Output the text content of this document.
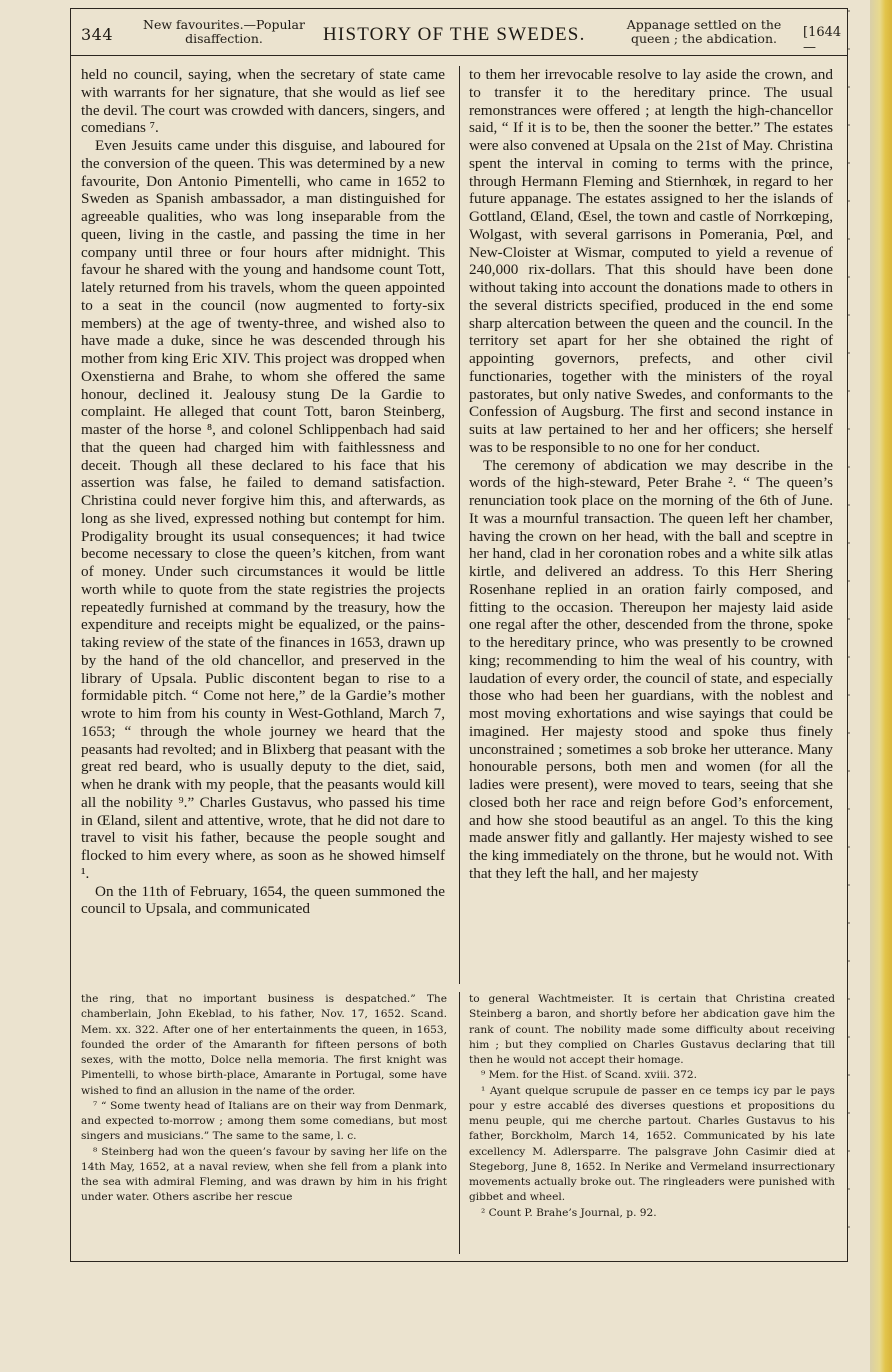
344
New favourites.—Popular disaffection.	HISTORY OF THE SWEDES.	Appanage settled on the queen ; the abdication.	[1644—

held no council, saying, when the secretary of state came with warrants for her signature, that she would as lief see the devil. The court was crowded with dancers, singers, and comedians ⁷.

Even Jesuits came under this disguise, and laboured for the conversion of the queen. This was determined by a new favourite, Don Antonio Pimentelli, who came in 1652 to Sweden as Spanish ambassador, a man distinguished for agreeable qualities, who was long inseparable from the queen, living in the castle, and passing the time in her company until three or four hours after midnight. This favour he shared with the young and handsome count Tott, lately returned from his travels, whom the queen appointed to a seat in the council (now augmented to forty-six members) at the age of twenty-three, and wished also to have made a duke, since he was descended through his mother from king Eric XIV. This project was dropped when Oxenstierna and Brahe, to whom she offered the same honour, declined it. Jealousy stung De la Gardie to complaint. He alleged that count Tott, baron Steinberg, master of the horse ⁸, and colonel Schlippenbach had said that the queen had charged him with faithlessness and deceit. Though all these declared to his face that his assertion was false, he failed to demand satisfaction. Christina could never forgive him this, and afterwards, as long as she lived, expressed nothing but contempt for him. Prodigality brought its usual consequences; it had twice become necessary to close the queen’s kitchen, from want of money. Under such circumstances it would be little worth while to quote from the state registries the projects repeatedly furnished at command by the treasury, how the expenditure and receipts might be equalized, or the pains-taking review of the state of the finances in 1653, drawn up by the hand of the old chancellor, and preserved in the library of Upsala. Public discontent began to rise to a formidable pitch. “ Come not here,” de la Gardie’s mother wrote to him from his county in West-Gothland, March 7, 1653; “ through the whole journey we heard that the peasants had revolted; and in Blixberg that peasant with the great red beard, who is usually deputy to the diet, said, when he drank with my people, that the peasants would kill all the nobility ⁹.” Charles Gustavus, who passed his time in Œland, silent and attentive, wrote, that he did not dare to travel to visit his father, because the people sought and flocked to him every where, as soon as he showed himself ¹.

On the 11th of February, 1654, the queen summoned the council to Upsala, and communicated

to them her irrevocable resolve to lay aside the crown, and to transfer it to the hereditary prince. The usual remonstrances were offered ; at length the high-chancellor said, “ If it is to be, then the sooner the better.” The estates were also convened at Upsala on the 21st of May. Christina spent the interval in coming to terms with the prince, through Hermann Fleming and Stiernhœk, in regard to her future appanage. The estates assigned to her the islands of Gottland, Œland, Œsel, the town and castle of Norrkœping, Wolgast, with several garrisons in Pomerania, Pœl, and New-Cloister at Wismar, computed to yield a revenue of 240,000 rix-dollars. That this should have been done without taking into account the donations made to others in the several districts specified, produced in the end some sharp altercation between the queen and the council. In the territory set apart for her she obtained the right of appointing governors, prefects, and other civil functionaries, together with the ministers of the royal pastorates, but only native Swedes, and conformants to the Confession of Augsburg. The first and second instance in suits at law pertained to her and her officers; she herself was to be responsible to no one for her conduct.

The ceremony of abdication we may describe in the words of the high-steward, Peter Brahe ². “ The queen’s renunciation took place on the morning of the 6th of June. It was a mournful transaction. The queen left her chamber, having the crown on her head, with the ball and sceptre in her hand, clad in her coronation robes and a white silk atlas kirtle, and delivered an address. To this Herr Shering Rosenhane replied in an oration fairly composed, and fitting to the occasion. Thereupon her majesty laid aside one regal after the other, descended from the throne, spoke to the hereditary prince, who was presently to be crowned king; recommending to him the weal of his country, with laudation of every order, the council of state, and especially those who had been her guardians, with the noblest and most moving exhortations and wise sayings that could be imagined. Her majesty stood and spoke thus finely unconstrained ; sometimes a sob broke her utterance. Many honourable persons, both men and women (for all the ladies were present), were moved to tears, seeing that she closed both her race and reign before God’s enforcement, and how she stood beautiful as an angel. To this the king made answer fitly and gallantly. Her majesty wished to see the king immediately on the throne, but he would not. With that they left the hall, and her majesty

the ring, that no important business is despatched.” The chamberlain, John Ekeblad, to his father, Nov. 17, 1652. Scand. Mem. xx. 322. After one of her entertainments the queen, in 1653, founded the order of the Amaranth for fifteen persons of both sexes, with the motto, Dolce nella memoria. The first knight was Pimentelli, to whose birth-place, Amarante in Portugal, some have wished to find an allusion in the name of the order.

⁷ “ Some twenty head of Italians are on their way from Denmark, and expected to-morrow ; among them some comedians, but most singers and musicians.” The same to the same, l. c.

⁸ Steinberg had won the queen’s favour by saving her life on the 14th May, 1652, at a naval review, when she fell from a plank into the sea with admiral Fleming, and was drawn by him in his fright under water. Others ascribe her rescue

to general Wachtmeister. It is certain that Christina created Steinberg a baron, and shortly before her abdication gave him the rank of count. The nobility made some difficulty about receiving him ; but they complied on Charles Gustavus declaring that till then he would not accept their homage.

⁹ Mem. for the Hist. of Scand. xviii. 372.

¹ Ayant quelque scrupule de passer en ce temps icy par le pays pour y estre accablé des diverses questions et propositions du menu peuple, qui me cherche partout. Charles Gustavus to his father, Borckholm, March 14, 1652. Communicated by his late excellency M. Adlersparre. The palsgrave John Casimir died at Stegeborg, June 8, 1652. In Nerike and Vermeland insurrectionary movements actually broke out. The ringleaders were punished with gibbet and wheel.

² Count P. Brahe’s Journal, p. 92.
